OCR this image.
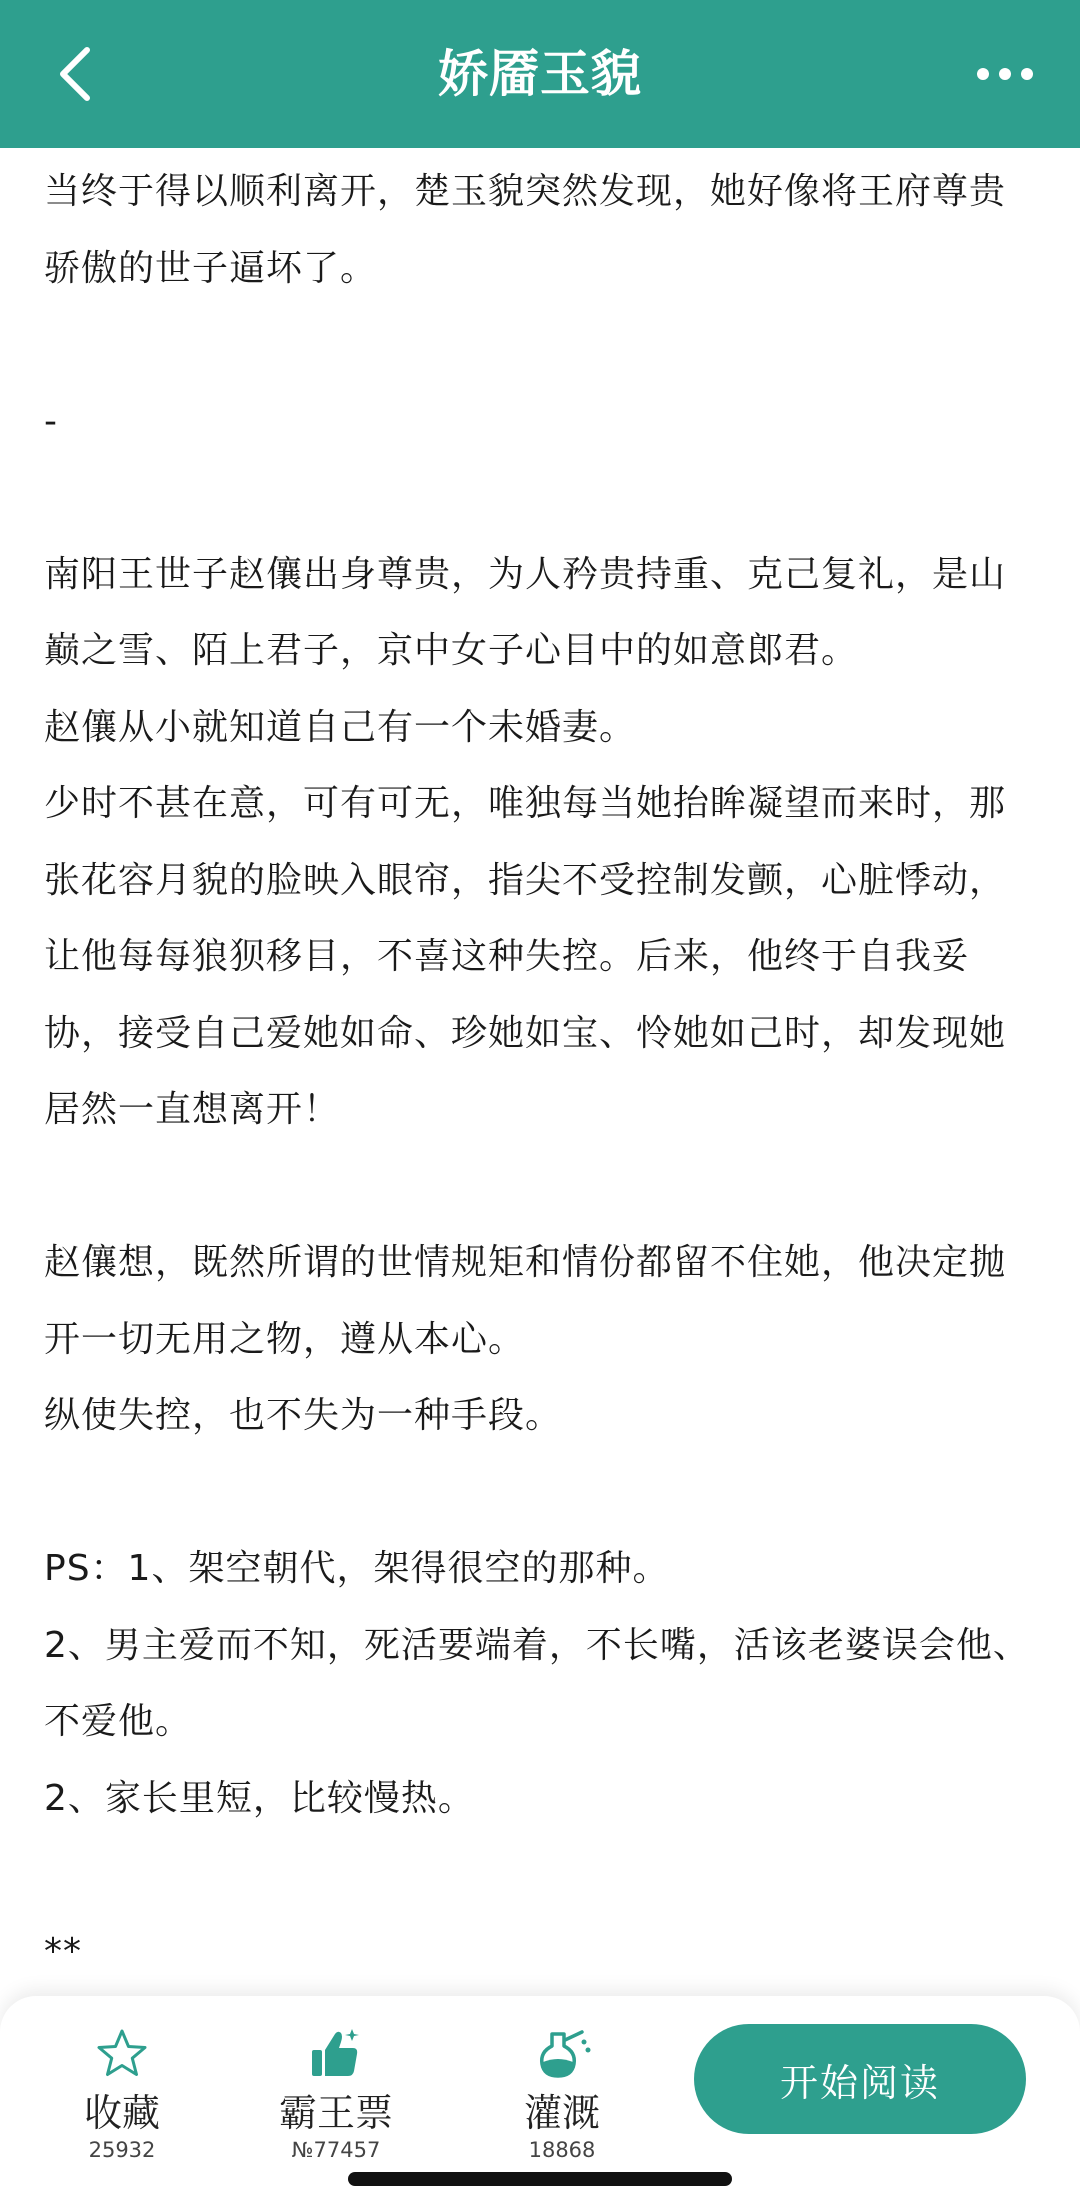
娇靥玉貌

当终于得以顺利离开，楚玉貌突然发现，她好像将王府尊贵骄傲的世子逼坏了。

-

南阳王世子赵儴出身尊贵，为人矜贵持重、克己复礼，是山巅之雪、陌上君子，京中女子心目中的如意郎君。

赵儴从小就知道自己有一个未婚妻。

少时不甚在意，可有可无，唯独每当她抬眸凝望而来时，那张花容月貌的脸映入眼帘，指尖不受控制发颤，心脏悸动，让他每每狼狈移目，不喜这种失控。后来，他终于自我妥协，接受自己爱她如命、珍她如宝、怜她如己时，却发现她居然一直想离开！

赵儴想，既然所谓的世情规矩和情份都留不住她，他决定抛开一切无用之物，遵从本心。

纵使失控，也不失为一种手段。

PS：1、架空朝代，架得很空的那种。

2、男主爱而不知，死活要端着，不长嘴，活该老婆误会他、不爱他。

2、家长里短，比较慢热。

**

收藏
25932
霸王票
№77457
灌溉
18868
开始阅读
